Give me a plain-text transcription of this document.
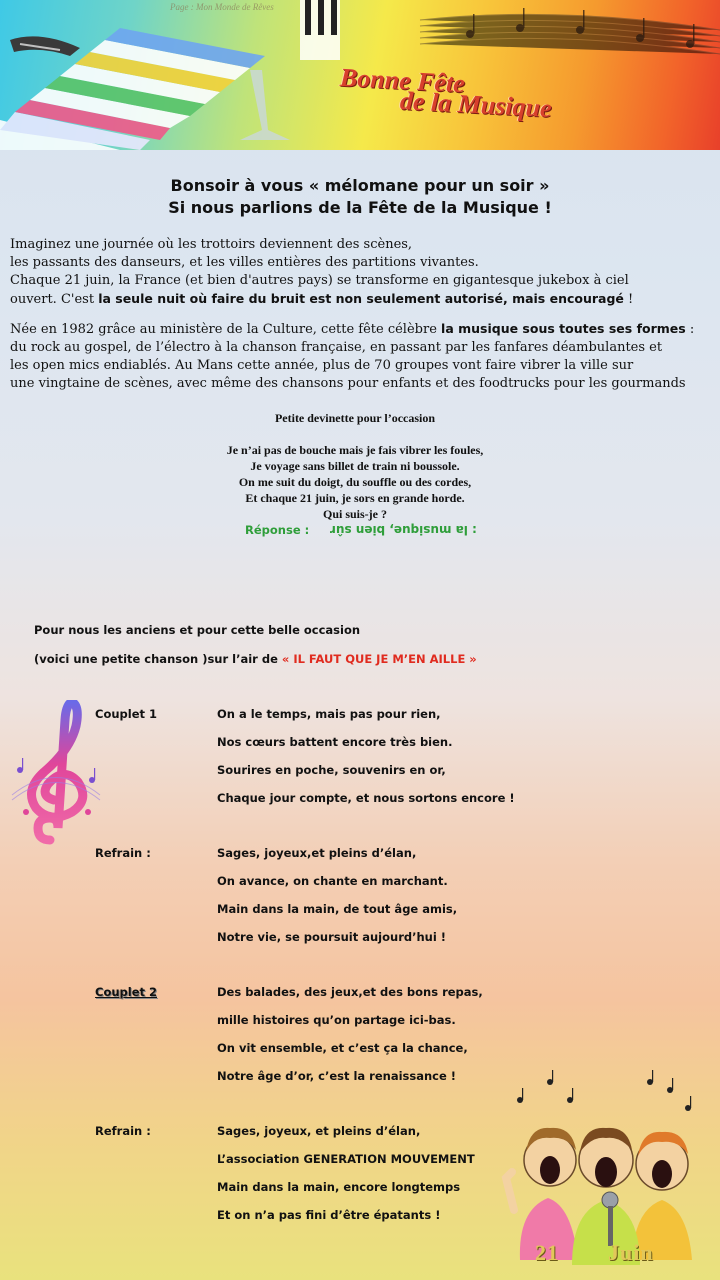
Page : Mon Monde de Rêves
Bonne Fête
de la Musique
Bonsoir à vous « mélomane pour un soir »
Si nous parlions de la Fête de la Musique !
Imaginez une journée où les trottoirs deviennent des scènes,
les passants des danseurs, et les villes entières des partitions vivantes.
Chaque 21 juin, la France (et bien d'autres pays) se transforme en gigantesque jukebox à ciel
ouvert. C'est la seule nuit où faire du bruit est non seulement autorisé, mais encouragé !
Née en 1982 grâce au ministère de la Culture, cette fête célèbre la musique sous toutes ses formes :
du rock au gospel, de l’électro à la chanson française, en passant par les fanfares déambulantes et
les open mics endiablés. Au Mans cette année, plus de 70 groupes vont faire vibrer la ville sur
une vingtaine de scènes, avec même des chansons pour enfants et des foodtrucks pour les gourmands
Petite devinette pour l’occasion
Je n’ai pas de bouche mais je fais vibrer les foules,
Je voyage sans billet de train ni boussole.
On me suit du doigt, du souffle ou des cordes,
Et chaque 21 juin, je sors en grande horde.
Qui suis-je ?
Réponse : : la musique, bien sûr
Pour nous les anciens et pour cette belle occasion
(voici une petite chanson )sur l’air de « IL FAUT QUE JE M’EN AILLE »
Couplet 1	On a le temps, mais pas pour rien,
Nos cœurs battent encore très bien.
Sourires en poche, souvenirs en or,
Chaque jour compte, et nous sortons encore !
Refrain :	Sages, joyeux,et pleins d’élan,
On avance, on chante en marchant.
Main dans la main, de tout âge amis,
Notre vie, se poursuit aujourd’hui !
Couplet 2	Des balades, des jeux,et des bons repas,
mille histoires qu’on partage ici-bas.
On vit ensemble, et c’est ça la chance,
Notre âge d’or, c’est la renaissance !
Refrain :	Sages, joyeux, et pleins d’élan,
L’association GENERATION MOUVEMENT
Main dans la main, encore longtemps
Et on n’a pas fini d’être épatants !
21 Juin
